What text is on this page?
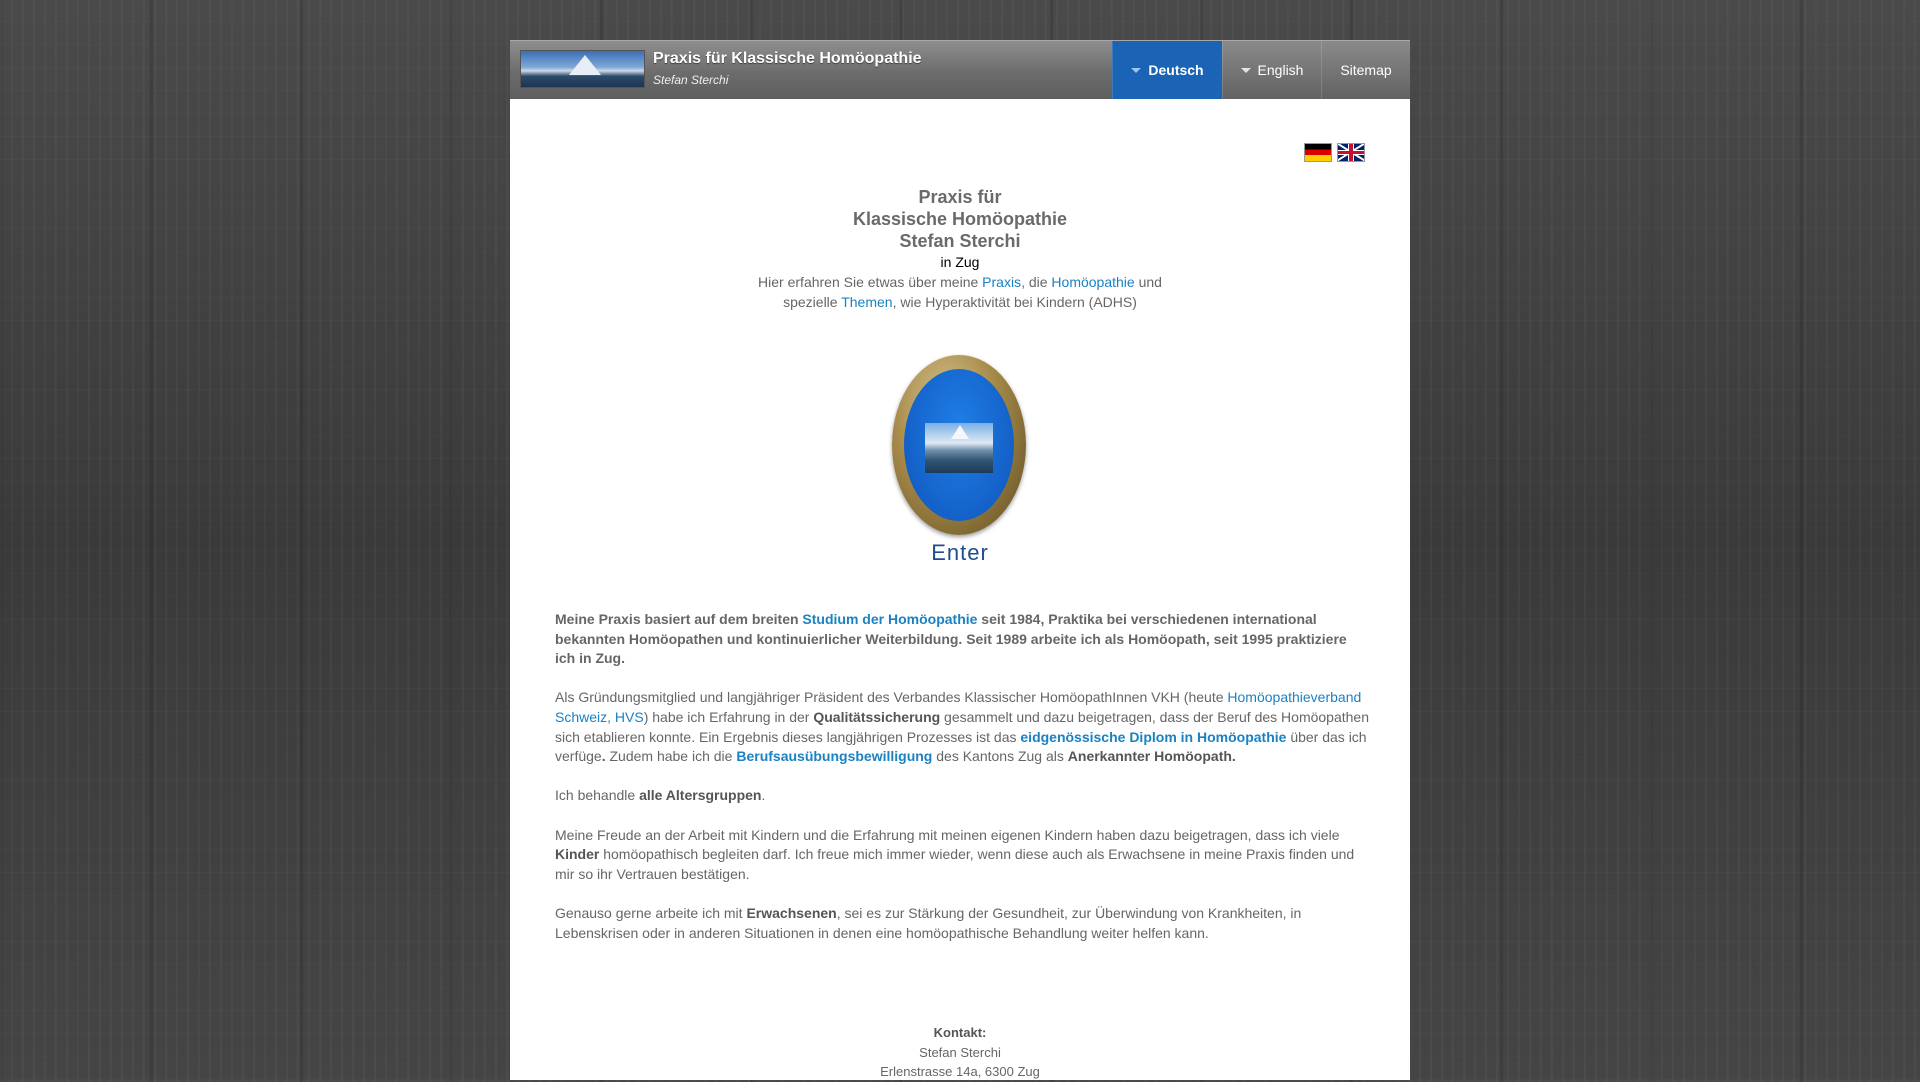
Praxis für Klassische Homöopathie
Stefan Sterchi
Deutsch	English	Sitemap
Praxis für
Klassische Homöopathie
Stefan Sterchi
in Zug
Hier erfahren Sie etwas über meine Praxis, die Homöopathie und spezielle Themen, wie Hyperaktivität bei Kindern (ADHS)
Enter

Meine Praxis basiert auf dem breiten Studium der Homöopathie seit 1984, Praktika bei verschiedenen international bekannten Homöopathen und kontinuierlicher Weiterbildung. Seit 1989 arbeite ich als Homöopath, seit 1995 praktiziere ich in Zug.

Als Gründungsmitglied und langjähriger Präsident des Verbandes Klassischer HomöopathInnen VKH (heute Homöopathieverband Schweiz, HVS) habe ich Erfahrung in der Qualitätssicherung gesammelt und dazu beigetragen, dass der Beruf des Homöopathen sich etablieren konnte. Ein Ergebnis dieses langjährigen Prozesses ist das eidgenössische Diplom in Homöopathie über das ich verfüge. Zudem habe ich die Berufsausübungsbewilligung des Kantons Zug als Anerkannter Homöopath.

Ich behandle alle Altersgruppen.

Meine Freude an der Arbeit mit Kindern und die Erfahrung mit meinen eigenen Kindern haben dazu beigetragen, dass ich viele Kinder homöopathisch begleiten darf. Ich freue mich immer wieder, wenn diese auch als Erwachsene in meine Praxis finden und mir so ihr Vertrauen bestätigen.

Genauso gerne arbeite ich mit Erwachsenen, sei es zur Stärkung der Gesundheit, zur Überwindung von Krankheiten, in Lebenskrisen oder in anderen Situationen in denen eine homöopathische Behandlung weiter helfen kann.

Kontakt:
Stefan Sterchi
Erlenstrasse 14a, 6300 Zug
